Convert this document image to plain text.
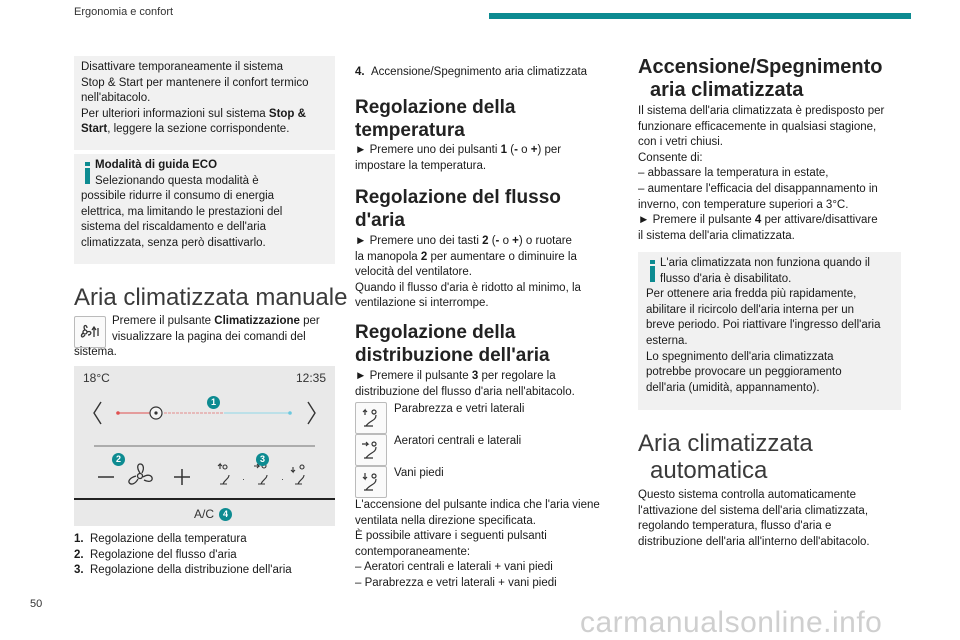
Ergonomia e confort
50
carmanualsonline.info

Disattivare temporaneamente il sistema

Stop & Start per mantenere il confort termico

nell'abitacolo.

Per ulteriori informazioni sul sistema Stop &

Start, leggere la sezione corrispondente.

Modalità di guida ECO

Selezionando questa modalità è

possibile ridurre il consumo di energia

elettrica, ma limitando le prestazioni del

sistema del riscaldamento e dell'aria

climatizzata, senza però disattivarlo.

Aria climatizzata manuale

Premere il pulsante Climatizzazione per

visualizzare la pagina dei comandi del

sistema.

18°C	12:35
·	·
1
2	3
A/C 4

1. Regolazione della temperatura

2. Regolazione del flusso d'aria

3. Regolazione della distribuzione dell'aria

4. Accensione/Spegnimento aria climatizzata

Regolazione della

temperatura

► Premere uno dei pulsanti 1 (- o +) per

impostare la temperatura.

Regolazione del flusso

d'aria

► Premere uno dei tasti 2 (- o +) o ruotare

la manopola 2 per aumentare o diminuire la

velocità del ventilatore.

Quando il flusso d'aria è ridotto al minimo, la

ventilazione si interrompe.

Regolazione della

distribuzione dell'aria

► Premere il pulsante 3 per regolare la

distribuzione del flusso d'aria nell'abitacolo.

Parabrezza e vetri laterali
Aeratori centrali e laterali
Vani piedi

L'accensione del pulsante indica che l'aria viene

ventilata nella direzione specificata.

È possibile attivare i seguenti pulsanti

contemporaneamente:

– Aeratori centrali e laterali + vani piedi

– Parabrezza e vetri laterali + vani piedi

Accensione/Spegnimento

aria climatizzata

Il sistema dell'aria climatizzata è predisposto per

funzionare efficacemente in qualsiasi stagione,

con i vetri chiusi.

Consente di:

– abbassare la temperatura in estate,

– aumentare l'efficacia del disappannamento in

inverno, con temperature superiori a 3°C.

► Premere il pulsante 4 per attivare/disattivare

il sistema dell'aria climatizzata.

L'aria climatizzata non funziona quando il

flusso d'aria è disabilitato.

Per ottenere aria fredda più rapidamente,

abilitare il ricircolo dell'aria interna per un

breve periodo. Poi riattivare l'ingresso dell'aria

esterna.

Lo spegnimento dell'aria climatizzata

potrebbe provocare un peggioramento

dell'aria (umidità, appannamento).

Aria climatizzata

automatica

Questo sistema controlla automaticamente

l'attivazione del sistema dell'aria climatizzata,

regolando temperatura, flusso d'aria e

distribuzione dell'aria all'interno dell'abitacolo.
